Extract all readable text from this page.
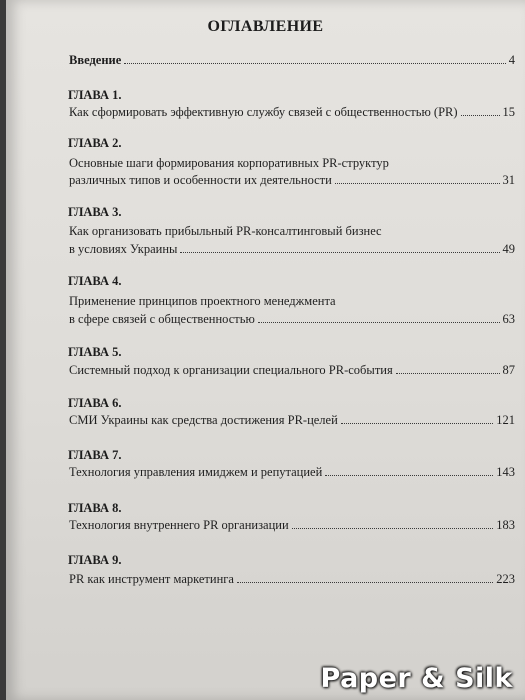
ОГЛАВЛЕНИЕ
Введение	4
ГЛАВА 1.
Как сформировать эффективную службу связей с общественностью (PR)	15
ГЛАВА 2.
Основные шаги формирования корпоративных PR-структур
различных типов и особенности их деятельности	31
ГЛАВА 3.
Как организовать прибыльный PR-консалтинговый бизнес
в условиях Украины	49
ГЛАВА 4.
Применение принципов проектного менеджмента
в сфере связей с общественностью	63
ГЛАВА 5.
Системный подход к организации специального PR-события	87
ГЛАВА 6.
СМИ Украины как средства достижения PR-целей	121
ГЛАВА 7.
Технология управления имиджем и репутацией	143
ГЛАВА 8.
Технология внутреннего PR организации	183
ГЛАВА 9.
PR как инструмент маркетинга	223
Paper & Silk
